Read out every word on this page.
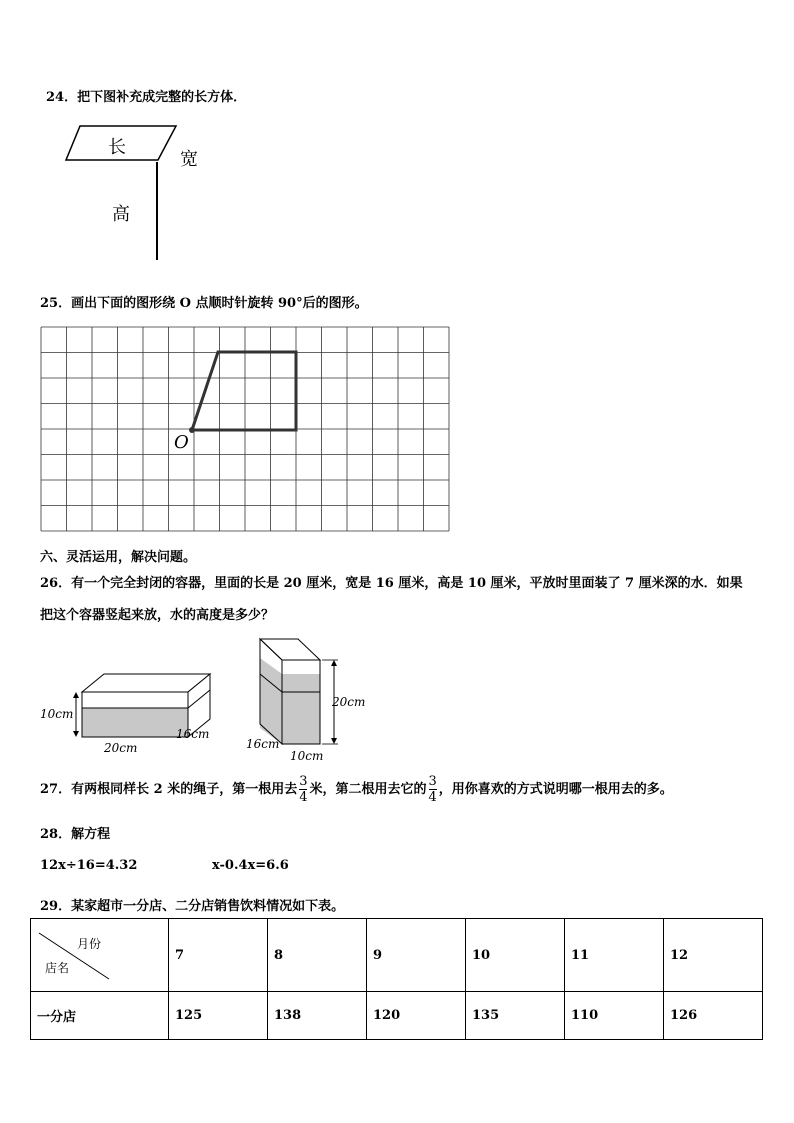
24．把下图补充成完整的长方体．
长
宽
高
25．画出下面的图形绕 O 点顺时针旋转 90°后的图形。
O
六、灵活运用，解决问题。
26．有一个完全封闭的容器，里面的长是 20 厘米，宽是 16 厘米，高是 10 厘米，平放时里面装了 7 厘米深的水．如果
把这个容器竖起来放，水的高度是多少？
10cm
20cm
16cm
20cm
16cm
10cm
27．有两根同样长 2 米的绳子，第一根用去 $\frac{3}{4}$ 米，第二根用去它的 $\frac{3}{4}$ ，用你喜欢的方式说明哪一根用去的多。
28．解方程
12x÷16=4.32	x-0.4x=6.6
29．某家超市一分店、二分店销售饮料情况如下表。
月份
店名	7	8	9	10	11	12
一分店	125	138	120	135	110	126
